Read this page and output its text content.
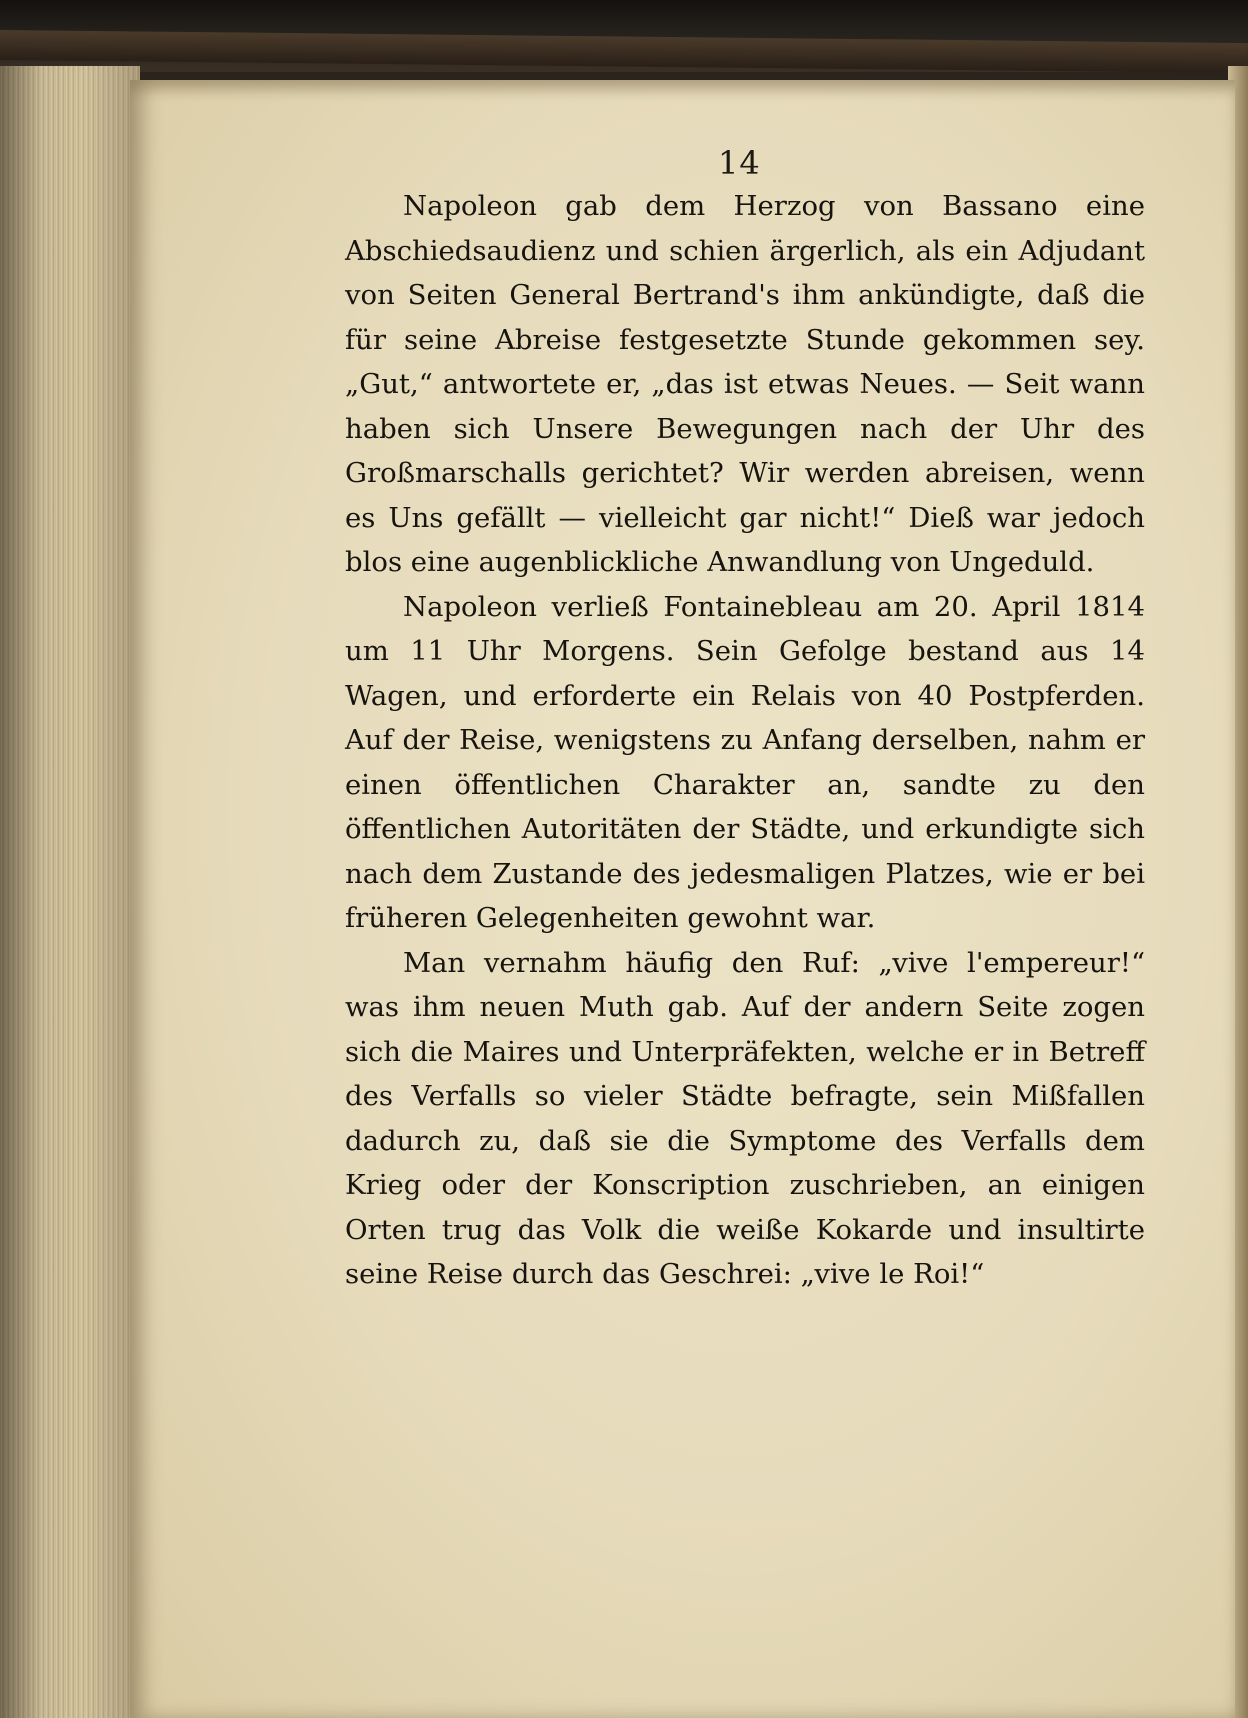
14

Napoleon gab dem Herzog von Bassano eine Abschiedsaudienz und schien ärgerlich, als ein Adjudant von Seiten General Bertrand's ihm ankündigte, daß die für seine Abreise festgesetzte Stunde gekommen sey. „Gut,“ antwortete er, „das ist etwas Neues. — Seit wann haben sich Unsere Bewegungen nach der Uhr des Großmarschalls gerichtet? Wir werden abreisen, wenn es Uns gefällt — vielleicht gar nicht!“ Dieß war jedoch blos eine augenblickliche Anwandlung von Ungeduld.

Napoleon verließ Fontainebleau am 20. April 1814 um 11 Uhr Morgens. Sein Gefolge bestand aus 14 Wagen, und erforderte ein Relais von 40 Postpferden. Auf der Reise, wenigstens zu Anfang derselben, nahm er einen öffentlichen Charakter an, sandte zu den öffentlichen Autoritäten der Städte, und erkundigte sich nach dem Zustande des jedesmaligen Platzes, wie er bei früheren Gelegenheiten gewohnt war.

Man vernahm häufig den Ruf: „vive l'empereur!“ was ihm neuen Muth gab. Auf der andern Seite zogen sich die Maires und Unterpräfekten, welche er in Betreff des Verfalls so vieler Städte befragte, sein Mißfallen dadurch zu, daß sie die Symptome des Verfalls dem Krieg oder der Konscription zuschrieben, an einigen Orten trug das Volk die weiße Kokarde und insultirte seine Reise durch das Geschrei: „vive le Roi!“
